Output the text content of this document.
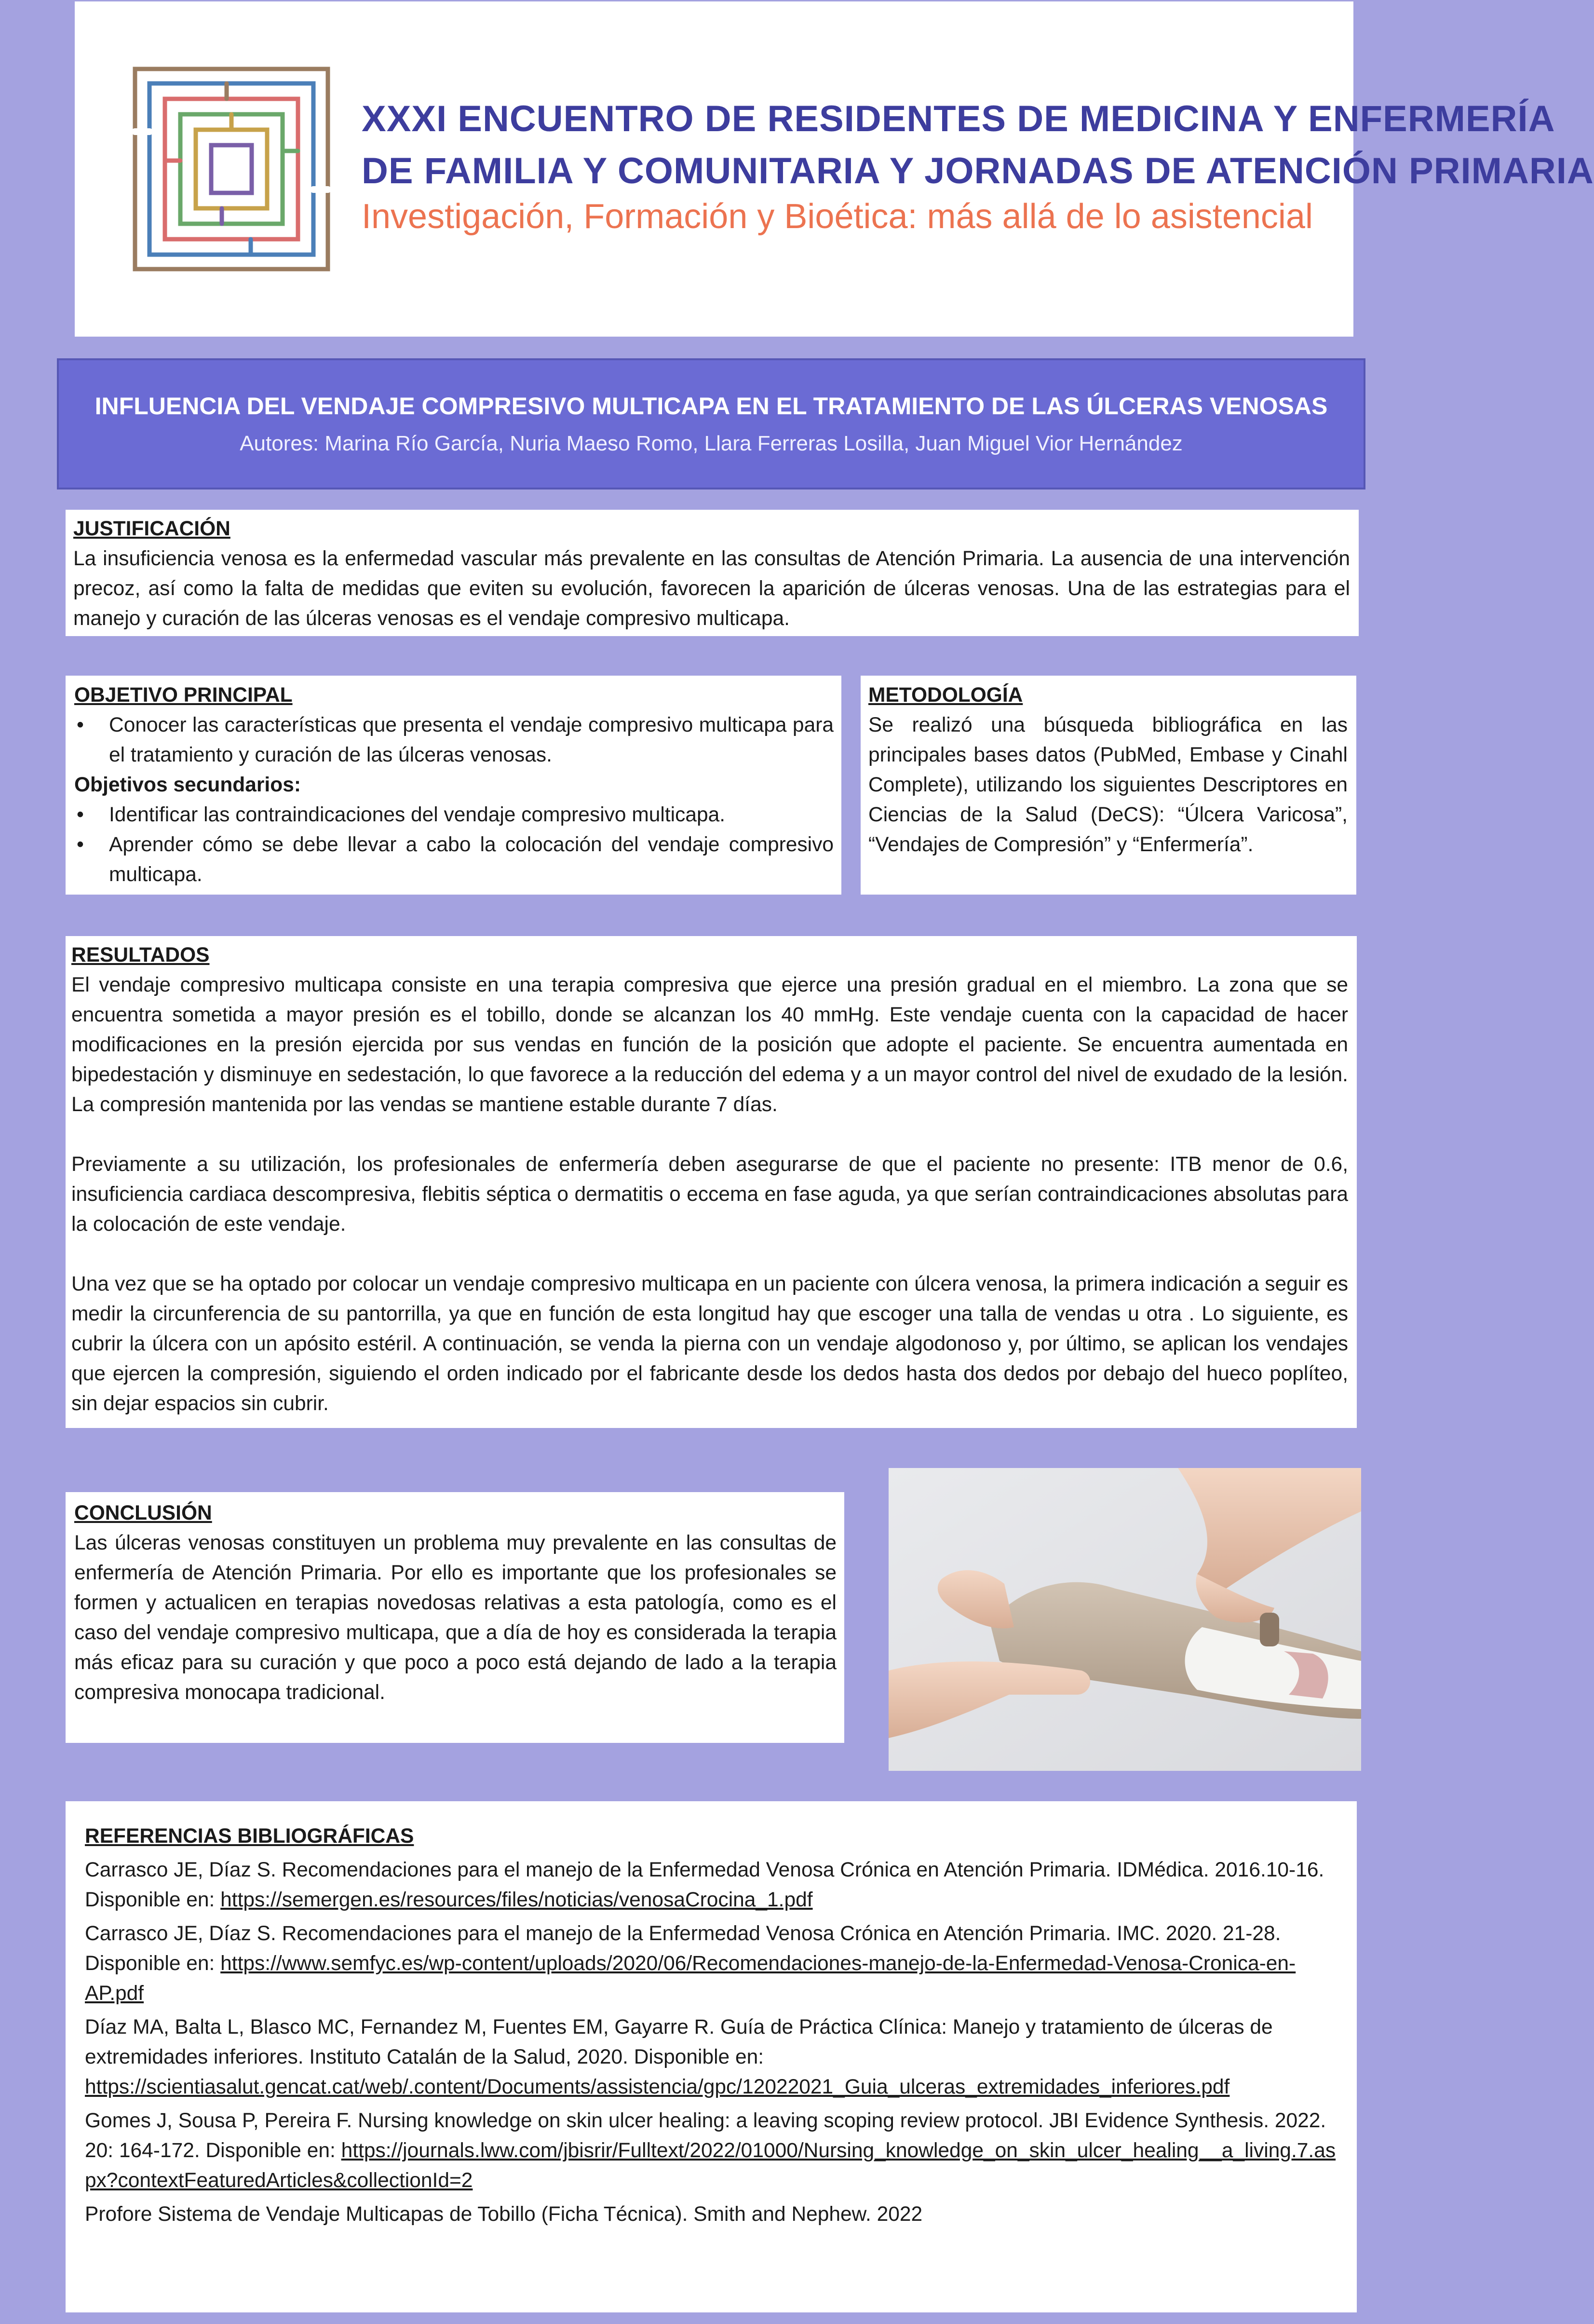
XXXI ENCUENTRO DE RESIDENTES DE MEDICINA Y ENFERMERÍA
DE FAMILIA Y COMUNITARIA Y JORNADAS DE ATENCIÓN PRIMARIA
Investigación, Formación y Bioética: más allá de lo asistencial
INFLUENCIA DEL VENDAJE COMPRESIVO MULTICAPA EN EL TRATAMIENTO DE LAS ÚLCERAS VENOSAS
Autores: Marina Río García, Nuria Maeso Romo, Llara Ferreras Losilla, Juan Miguel Vior Hernández
JUSTIFICACIÓN

La insuficiencia venosa es la enfermedad vascular más prevalente en las consultas de Atención Primaria. La ausencia de una intervención precoz, así como la falta de medidas que eviten su evolución, favorecen la aparición de úlceras venosas. Una de las estrategias para el manejo y curación de las úlceras venosas es el vendaje compresivo multicapa.

OBJETIVO PRINCIPAL
• Conocer las características que presenta el vendaje compresivo multicapa para el tratamiento y curación de las úlceras venosas.

Objetivos secundarios:

• Identificar las contraindicaciones del vendaje compresivo multicapa.
• Aprender cómo se debe llevar a cabo la colocación del vendaje compresivo multicapa.
METODOLOGÍA

Se realizó una búsqueda bibliográfica en las principales bases datos (PubMed, Embase y Cinahl Complete), utilizando los siguientes Descriptores en Ciencias de la Salud (DeCS): “Úlcera Varicosa”, “Vendajes de Compresión” y “Enfermería”.

RESULTADOS

El vendaje compresivo multicapa consiste en una terapia compresiva que ejerce una presión gradual en el miembro. La zona que se encuentra sometida a mayor presión es el tobillo, donde se alcanzan los 40 mmHg. Este vendaje cuenta con la capacidad de hacer modificaciones en la presión ejercida por sus vendas en función de la posición que adopte el paciente. Se encuentra aumentada en bipedestación y disminuye en sedestación, lo que favorece a la reducción del edema y a un mayor control del nivel de exudado de la lesión. La compresión mantenida por las vendas se mantiene estable durante 7 días.

Previamente a su utilización, los profesionales de enfermería deben asegurarse de que el paciente no presente: ITB menor de 0.6, insuficiencia cardiaca descompresiva, flebitis séptica o dermatitis o eccema en fase aguda, ya que serían contraindicaciones absolutas para la colocación de este vendaje.

Una vez que se ha optado por colocar un vendaje compresivo multicapa en un paciente con úlcera venosa, la primera indicación a seguir es medir la circunferencia de su pantorrilla, ya que en función de esta longitud hay que escoger una talla de vendas u otra . Lo siguiente, es cubrir la úlcera con un apósito estéril. A continuación, se venda la pierna con un vendaje algodonoso y, por último, se aplican los vendajes que ejercen la compresión, siguiendo el orden indicado por el fabricante desde los dedos hasta dos dedos por debajo del hueco poplíteo, sin dejar espacios sin cubrir.

CONCLUSIÓN

Las úlceras venosas constituyen un problema muy prevalente en las consultas de enfermería de Atención Primaria. Por ello es importante que los profesionales se formen y actualicen en terapias novedosas relativas a esta patología, como es el caso del vendaje compresivo multicapa, que a día de hoy es considerada la terapia más eficaz para su curación y que poco a poco está dejando de lado a la terapia compresiva monocapa tradicional.

REFERENCIAS BIBLIOGRÁFICAS

Carrasco JE, Díaz S. Recomendaciones para el manejo de la Enfermedad Venosa Crónica en Atención Primaria. IDMédica. 2016.10-16. Disponible en: https://semergen.es/resources/files/noticias/venosaCrocina_1.pdf

Carrasco JE, Díaz S. Recomendaciones para el manejo de la Enfermedad Venosa Crónica en Atención Primaria. IMC. 2020. 21-28. Disponible en: https://www.semfyc.es/wp-content/uploads/2020/06/Recomendaciones-manejo-de-la-Enfermedad-Venosa-Cronica-en-AP.pdf

Díaz MA, Balta L, Blasco MC, Fernandez M, Fuentes EM, Gayarre R. Guía de Práctica Clínica: Manejo y tratamiento de úlceras de extremidades inferiores. Instituto Catalán de la Salud, 2020. Disponible en: https://scientiasalut.gencat.cat/web/.content/Documents/assistencia/gpc/12022021_Guia_ulceras_extremidades_inferiores.pdf

Gomes J, Sousa P, Pereira F. Nursing knowledge on skin ulcer healing: a leaving scoping review protocol. JBI Evidence Synthesis. 2022. 20: 164-172. Disponible en: https://journals.lww.com/jbisrir/Fulltext/2022/01000/Nursing_knowledge_on_skin_ulcer_healing__a_living.7.aspx?contextFeaturedArticles&collectionId=2

Profore Sistema de Vendaje Multicapas de Tobillo (Ficha Técnica). Smith and Nephew. 2022
